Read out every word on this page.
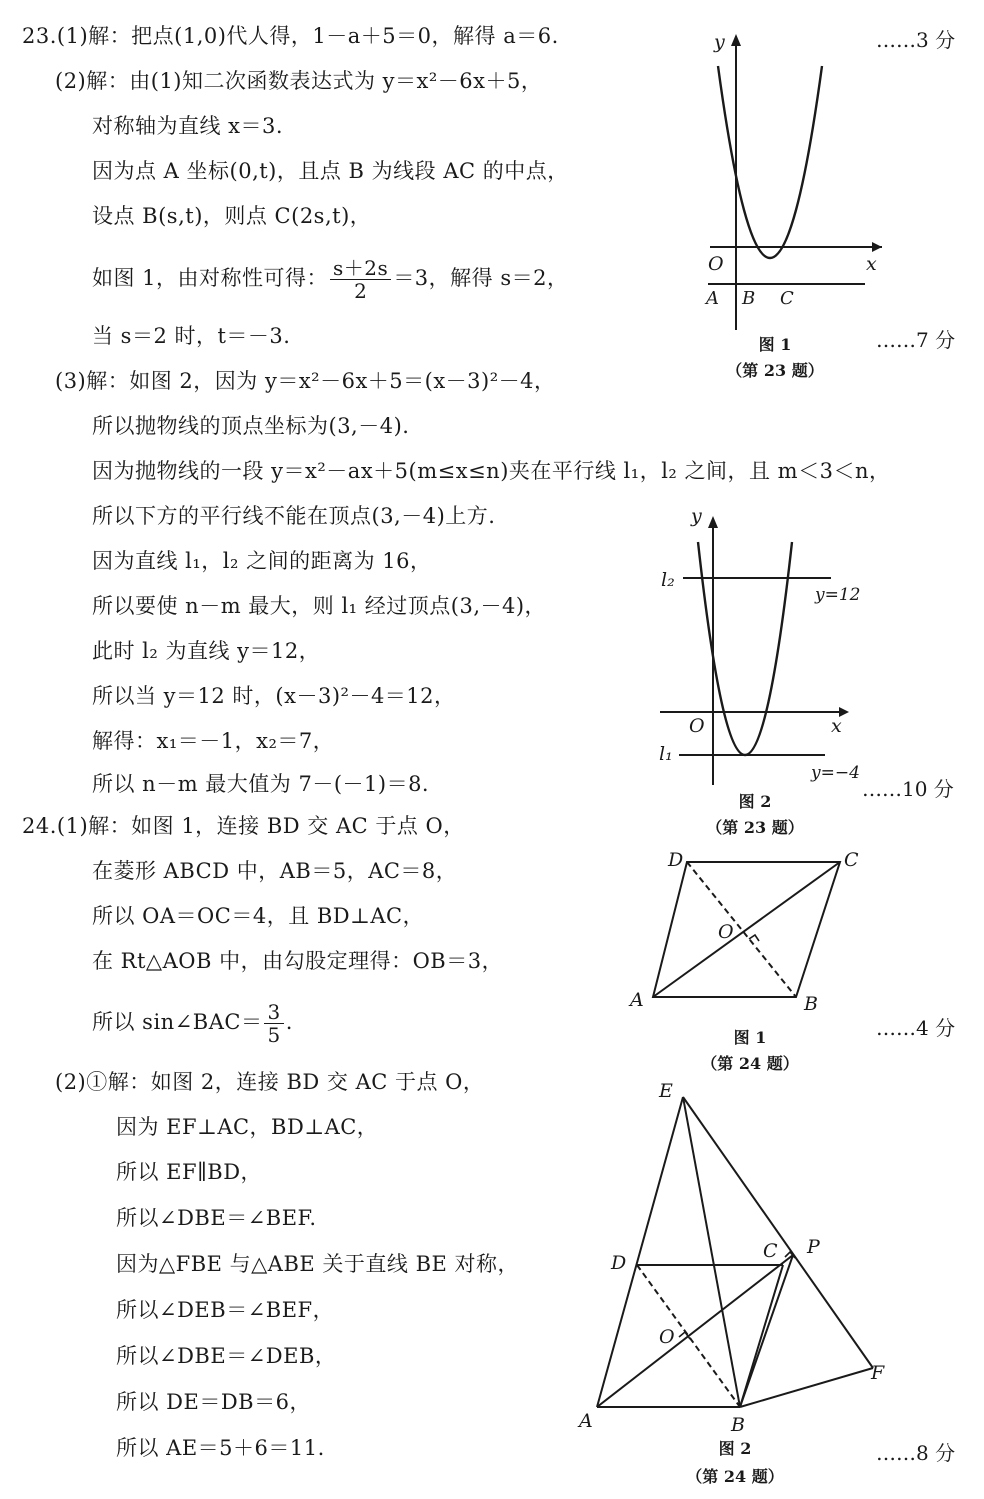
23.(1)解：把点(1,0)代人得，1－a＋5＝0，解得 a＝6.
(2)解：由(1)知二次函数表达式为 y＝x²－6x＋5，
对称轴为直线 x＝3.
因为点 A 坐标(0,t)，且点 B 为线段 AC 的中点，
设点 B(s,t)，则点 C(2s,t)，
如图 1，由对称性可得： $\frac{s+2s}{2} =3$，解得 s＝2，
当 s＝2 时，t＝－3.
(3)解：如图 2，因为 y＝x²－6x＋5＝(x－3)²－4，
所以抛物线的顶点坐标为(3,－4).
因为抛物线的一段 y＝x²－ax＋5(m≤x≤n)夹在平行线 l₁，l₂ 之间，且 m＜3＜n，
所以下方的平行线不能在顶点(3,－4)上方.
因为直线 l₁，l₂ 之间的距离为 16，
所以要使 n－m 最大，则 l₁ 经过顶点(3,－4)，
此时 l₂ 为直线 y＝12，
所以当 y＝12 时，(x－3)²－4＝12，
解得：x₁＝－1，x₂＝7，
所以 n－m 最大值为 7－(－1)＝8.
……3 分
……7 分
……10 分
y
x
O
A B C
图 1
（第 23 题）
y
x
O
l₂
l₁
y=12
y=−4
图 2
（第 23 题）
24.(1)解：如图 1，连接 BD 交 AC 于点 O，
在菱形 ABCD 中，AB＝5，AC＝8，
所以 OA＝OC＝4，且 BD⊥AC，
在 Rt△AOB 中，由勾股定理得：OB＝3，
所以 sin∠BAC＝ $\frac{3}{5}$ .
(2)①解：如图 2，连接 BD 交 AC 于点 O，
因为 EF⊥AC，BD⊥AC，
所以 EF∥BD，
所以∠DBE＝∠BEF.
因为△FBE 与△ABE 关于直线 BE 对称，
所以∠DEB＝∠BEF，
所以∠DBE＝∠DEB，
所以 DE＝DB＝6，
所以 AE＝5＋6＝11.
……4 分
……8 分
A	B
C
D
O
图 1
（第 24 题）
A	B
C
D
O
E
F
P
图 2
（第 24 题）
